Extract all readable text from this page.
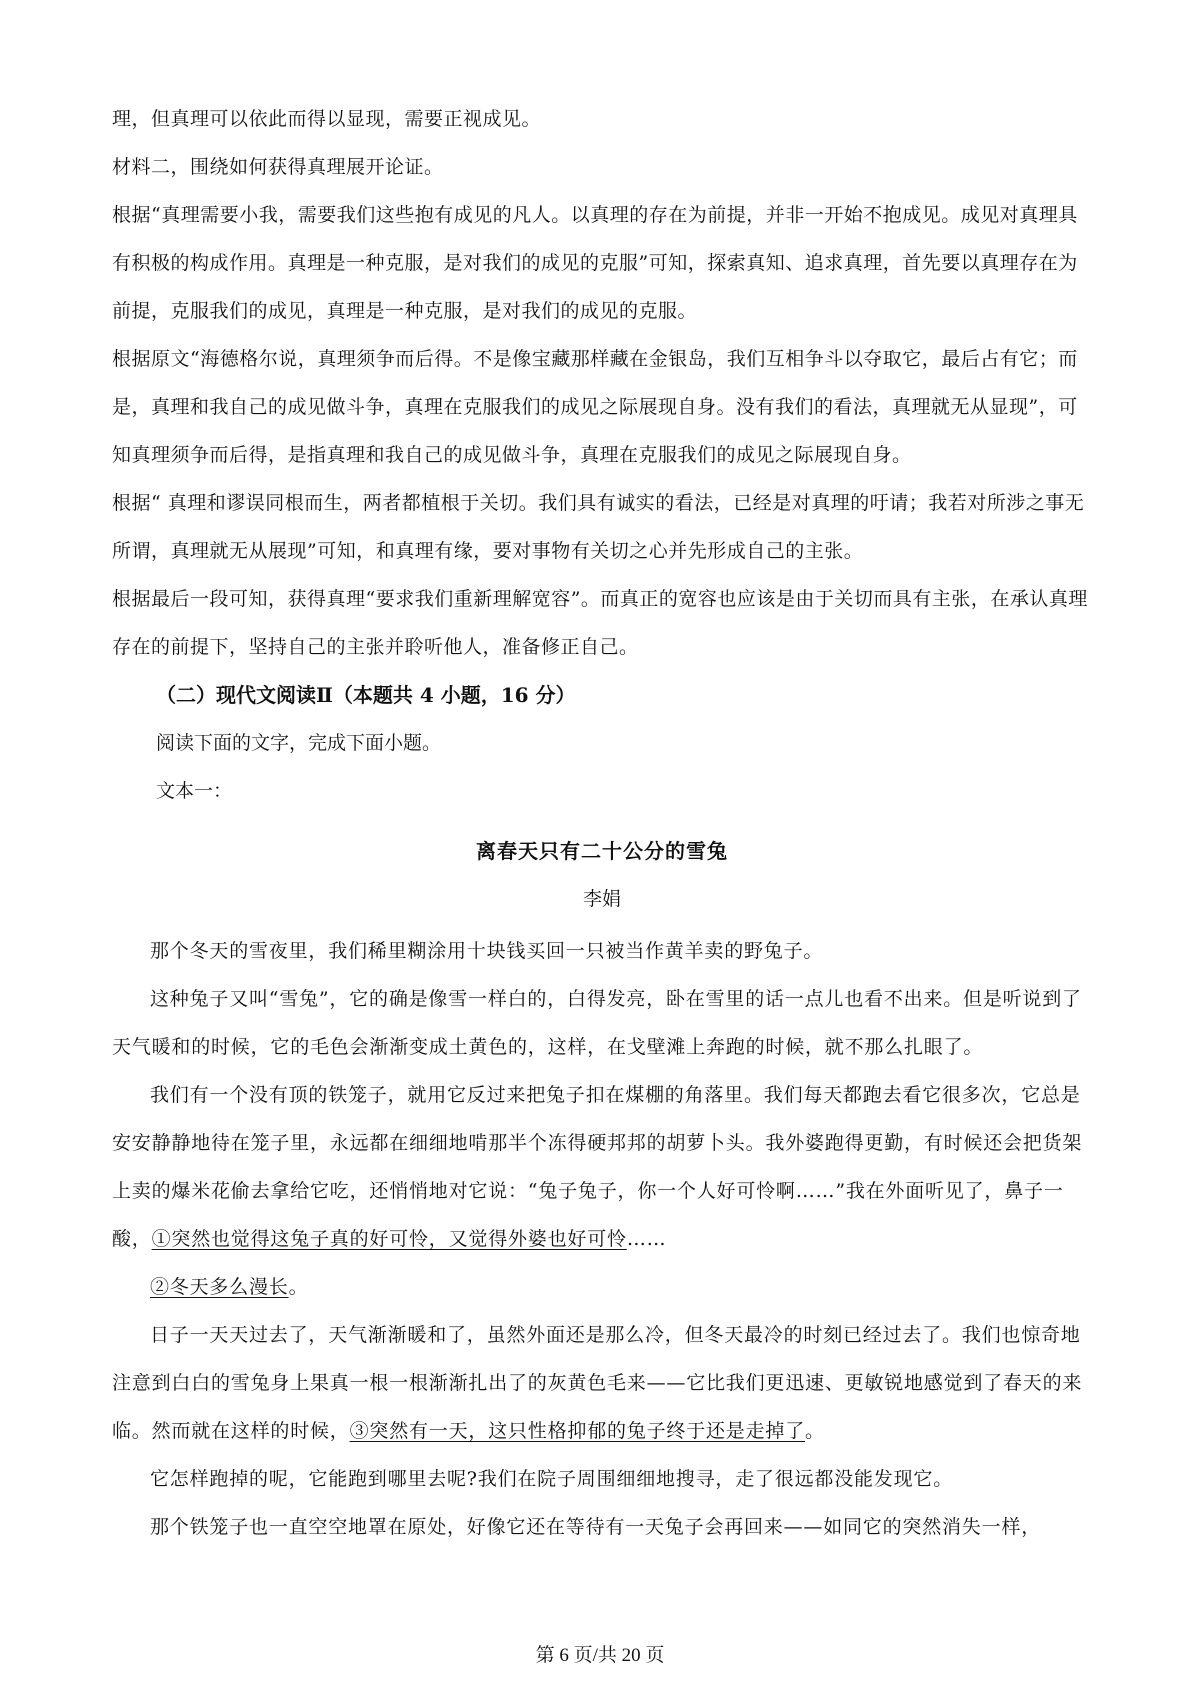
理，但真理可以依此而得以显现，需要正视成见。

材料二，围绕如何获得真理展开论证。

根据“真理需要小我，需要我们这些抱有成见的凡人。以真理的存在为前提，并非一开始不抱成见。成见对真理具有积极的构成作用。真理是一种克服，是对我们的成见的克服”可知，探索真知、追求真理，首先要以真理存在为前提，克服我们的成见，真理是一种克服，是对我们的成见的克服。

根据原文“海德格尔说，真理须争而后得。不是像宝藏那样藏在金银岛，我们互相争斗以夺取它，最后占有它；而是，真理和我自己的成见做斗争，真理在克服我们的成见之际展现自身。没有我们的看法，真理就无从显现”，可知真理须争而后得，是指真理和我自己的成见做斗争，真理在克服我们的成见之际展现自身。

根据“ 真理和谬误同根而生，两者都植根于关切。我们具有诚实的看法，已经是对真理的吁请；我若对所涉之事无所谓，真理就无从展现”可知，和真理有缘，要对事物有关切之心并先形成自己的主张。

根据最后一段可知，获得真理“要求我们重新理解宽容”。而真正的宽容也应该是由于关切而具有主张，在承认真理存在的前提下，坚持自己的主张并聆听他人，准备修正自己。

（二）现代文阅读Ⅱ（本题共 4 小题，16 分）

阅读下面的文字，完成下面小题。

文本一：

离春天只有二十公分的雪兔

李娟

那个冬天的雪夜里，我们稀里糊涂用十块钱买回一只被当作黄羊卖的野兔子。

这种兔子又叫“雪兔”，它的确是像雪一样白的，白得发亮，卧在雪里的话一点儿也看不出来。但是听说到了天气暖和的时候，它的毛色会渐渐变成土黄色的，这样，在戈壁滩上奔跑的时候，就不那么扎眼了。

我们有一个没有顶的铁笼子，就用它反过来把兔子扣在煤棚的角落里。我们每天都跑去看它很多次，它总是安安静静地待在笼子里，永远都在细细地啃那半个冻得硬邦邦的胡萝卜头。我外婆跑得更勤，有时候还会把货架上卖的爆米花偷去拿给它吃，还悄悄地对它说：“兔子兔子，你一个人好可怜啊……”我在外面听见了，鼻子一酸，①突然也觉得这兔子真的好可怜，又觉得外婆也好可怜……

②冬天多么漫长。

日子一天天过去了，天气渐渐暖和了，虽然外面还是那么冷，但冬天最冷的时刻已经过去了。我们也惊奇地注意到白白的雪兔身上果真一根一根渐渐扎出了的灰黄色毛来——它比我们更迅速、更敏锐地感觉到了春天的来临。然而就在这样的时候，③突然有一天，这只性格抑郁的兔子终于还是走掉了。

它怎样跑掉的呢，它能跑到哪里去呢?我们在院子周围细细地搜寻，走了很远都没能发现它。

那个铁笼子也一直空空地罩在原处，好像它还在等待有一天兔子会再回来——如同它的突然消失一样，

第 6 页/共 20 页
